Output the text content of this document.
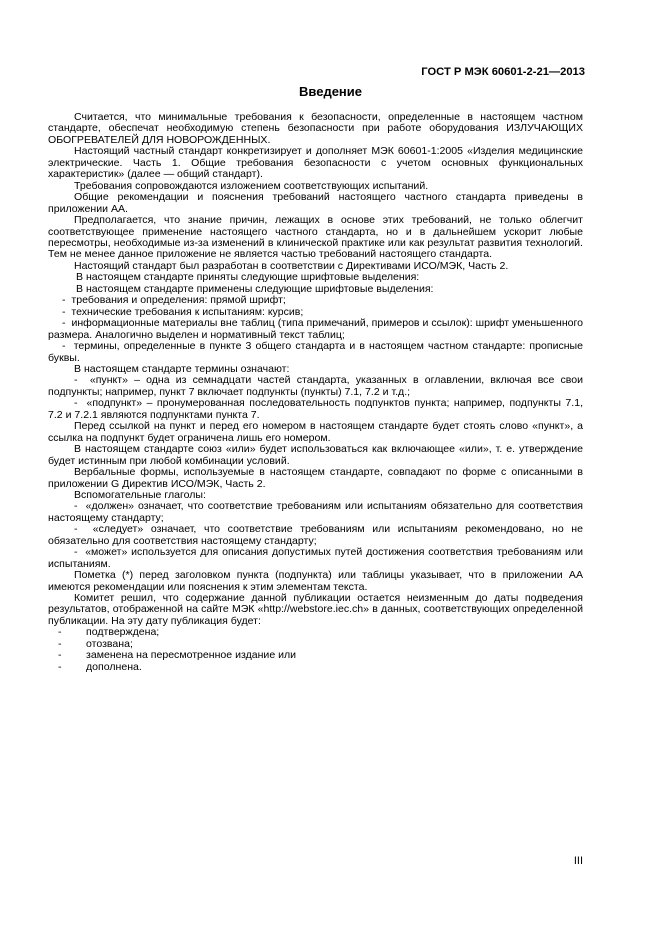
ГОСТ Р МЭК 60601-2-21—2013
Введение

Считается, что минимальные требования к безопасности, определенные в настоящем частном стандарте, обеспечат необходимую степень безопасности при работе оборудования ИЗЛУЧАЮЩИХ ОБОГРЕВАТЕЛЕЙ ДЛЯ НОВОРОЖДЕННЫХ.

Настоящий частный стандарт конкретизирует и дополняет МЭК 60601-1:2005 «Изделия медицинские электрические. Часть 1. Общие требования безопасности с учетом основных функциональных характеристик» (далее — общий стандарт).

Требования сопровождаются изложением соответствующих испытаний.

Общие рекомендации и пояснения требований настоящего частного стандарта приведены в приложении АА.

Предполагается, что знание причин, лежащих в основе этих требований, не только облегчит соответствующее применение настоящего частного стандарта, но и в дальнейшем ускорит любые пересмотры, необходимые из-за изменений в клинической практике или как результат развития технологий. Тем не менее данное приложение не является частью требований настоящего стандарта.

Настоящий стандарт был разработан в соответствии с Директивами ИСО/МЭК, Часть 2.

В настоящем стандарте приняты следующие шрифтовые выделения:

В настоящем стандарте применены следующие шрифтовые выделения:

-  требования и определения: прямой шрифт;

-  технические требования к испытаниям: курсив;

-  информационные материалы вне таблиц (типа примечаний, примеров и ссылок): шрифт уменьшенного размера. Аналогично выделен и нормативный текст таблиц;

-  термины, определенные в пункте 3 общего стандарта и в настоящем частном стандарте: прописные буквы.

В настоящем стандарте термины означают:

-  «пункт» – одна из семнадцати частей стандарта, указанных в оглавлении, включая все свои подпункты; например, пункт 7 включает подпункты (пункты) 7.1, 7.2 и т.д.;

-  «подпункт» – пронумерованная последовательность подпунктов пункта; например, подпункты 7.1, 7.2 и 7.2.1 являются подпунктами пункта 7.

Перед ссылкой на пункт и перед его номером в настоящем стандарте будет стоять слово «пункт», а ссылка на подпункт будет ограничена лишь его номером.

В настоящем стандарте союз «или» будет использоваться как включающее «или», т. е. утверждение будет истинным при любой комбинации условий.

Вербальные формы, используемые в настоящем стандарте, совпадают по форме с описанными в приложении G Директив ИСО/МЭК, Часть 2.

Вспомогательные глаголы:

-  «должен» означает, что соответствие требованиям или испытаниям обязательно для соответствия настоящему стандарту;

-  «следует» означает, что соответствие требованиям или испытаниям рекомендовано, но не обязательно для соответствия настоящему стандарту;

-  «может» используется для описания допустимых путей достижения соответствия требованиям или испытаниям.

Пометка (*) перед заголовком пункта (подпункта) или таблицы указывает, что в приложении АА имеются рекомендации или пояснения к этим элементам текста.

Комитет решил, что содержание данной публикации остается неизменным до даты подведения результатов, отображенной на сайте МЭК «http://webstore.iec.ch» в данных, соответствующих определенной публикации. На эту дату публикация будет:

-	подтверждена;
-	отозвана;
-	заменена на пересмотренное издание или
-	дополнена.
III
